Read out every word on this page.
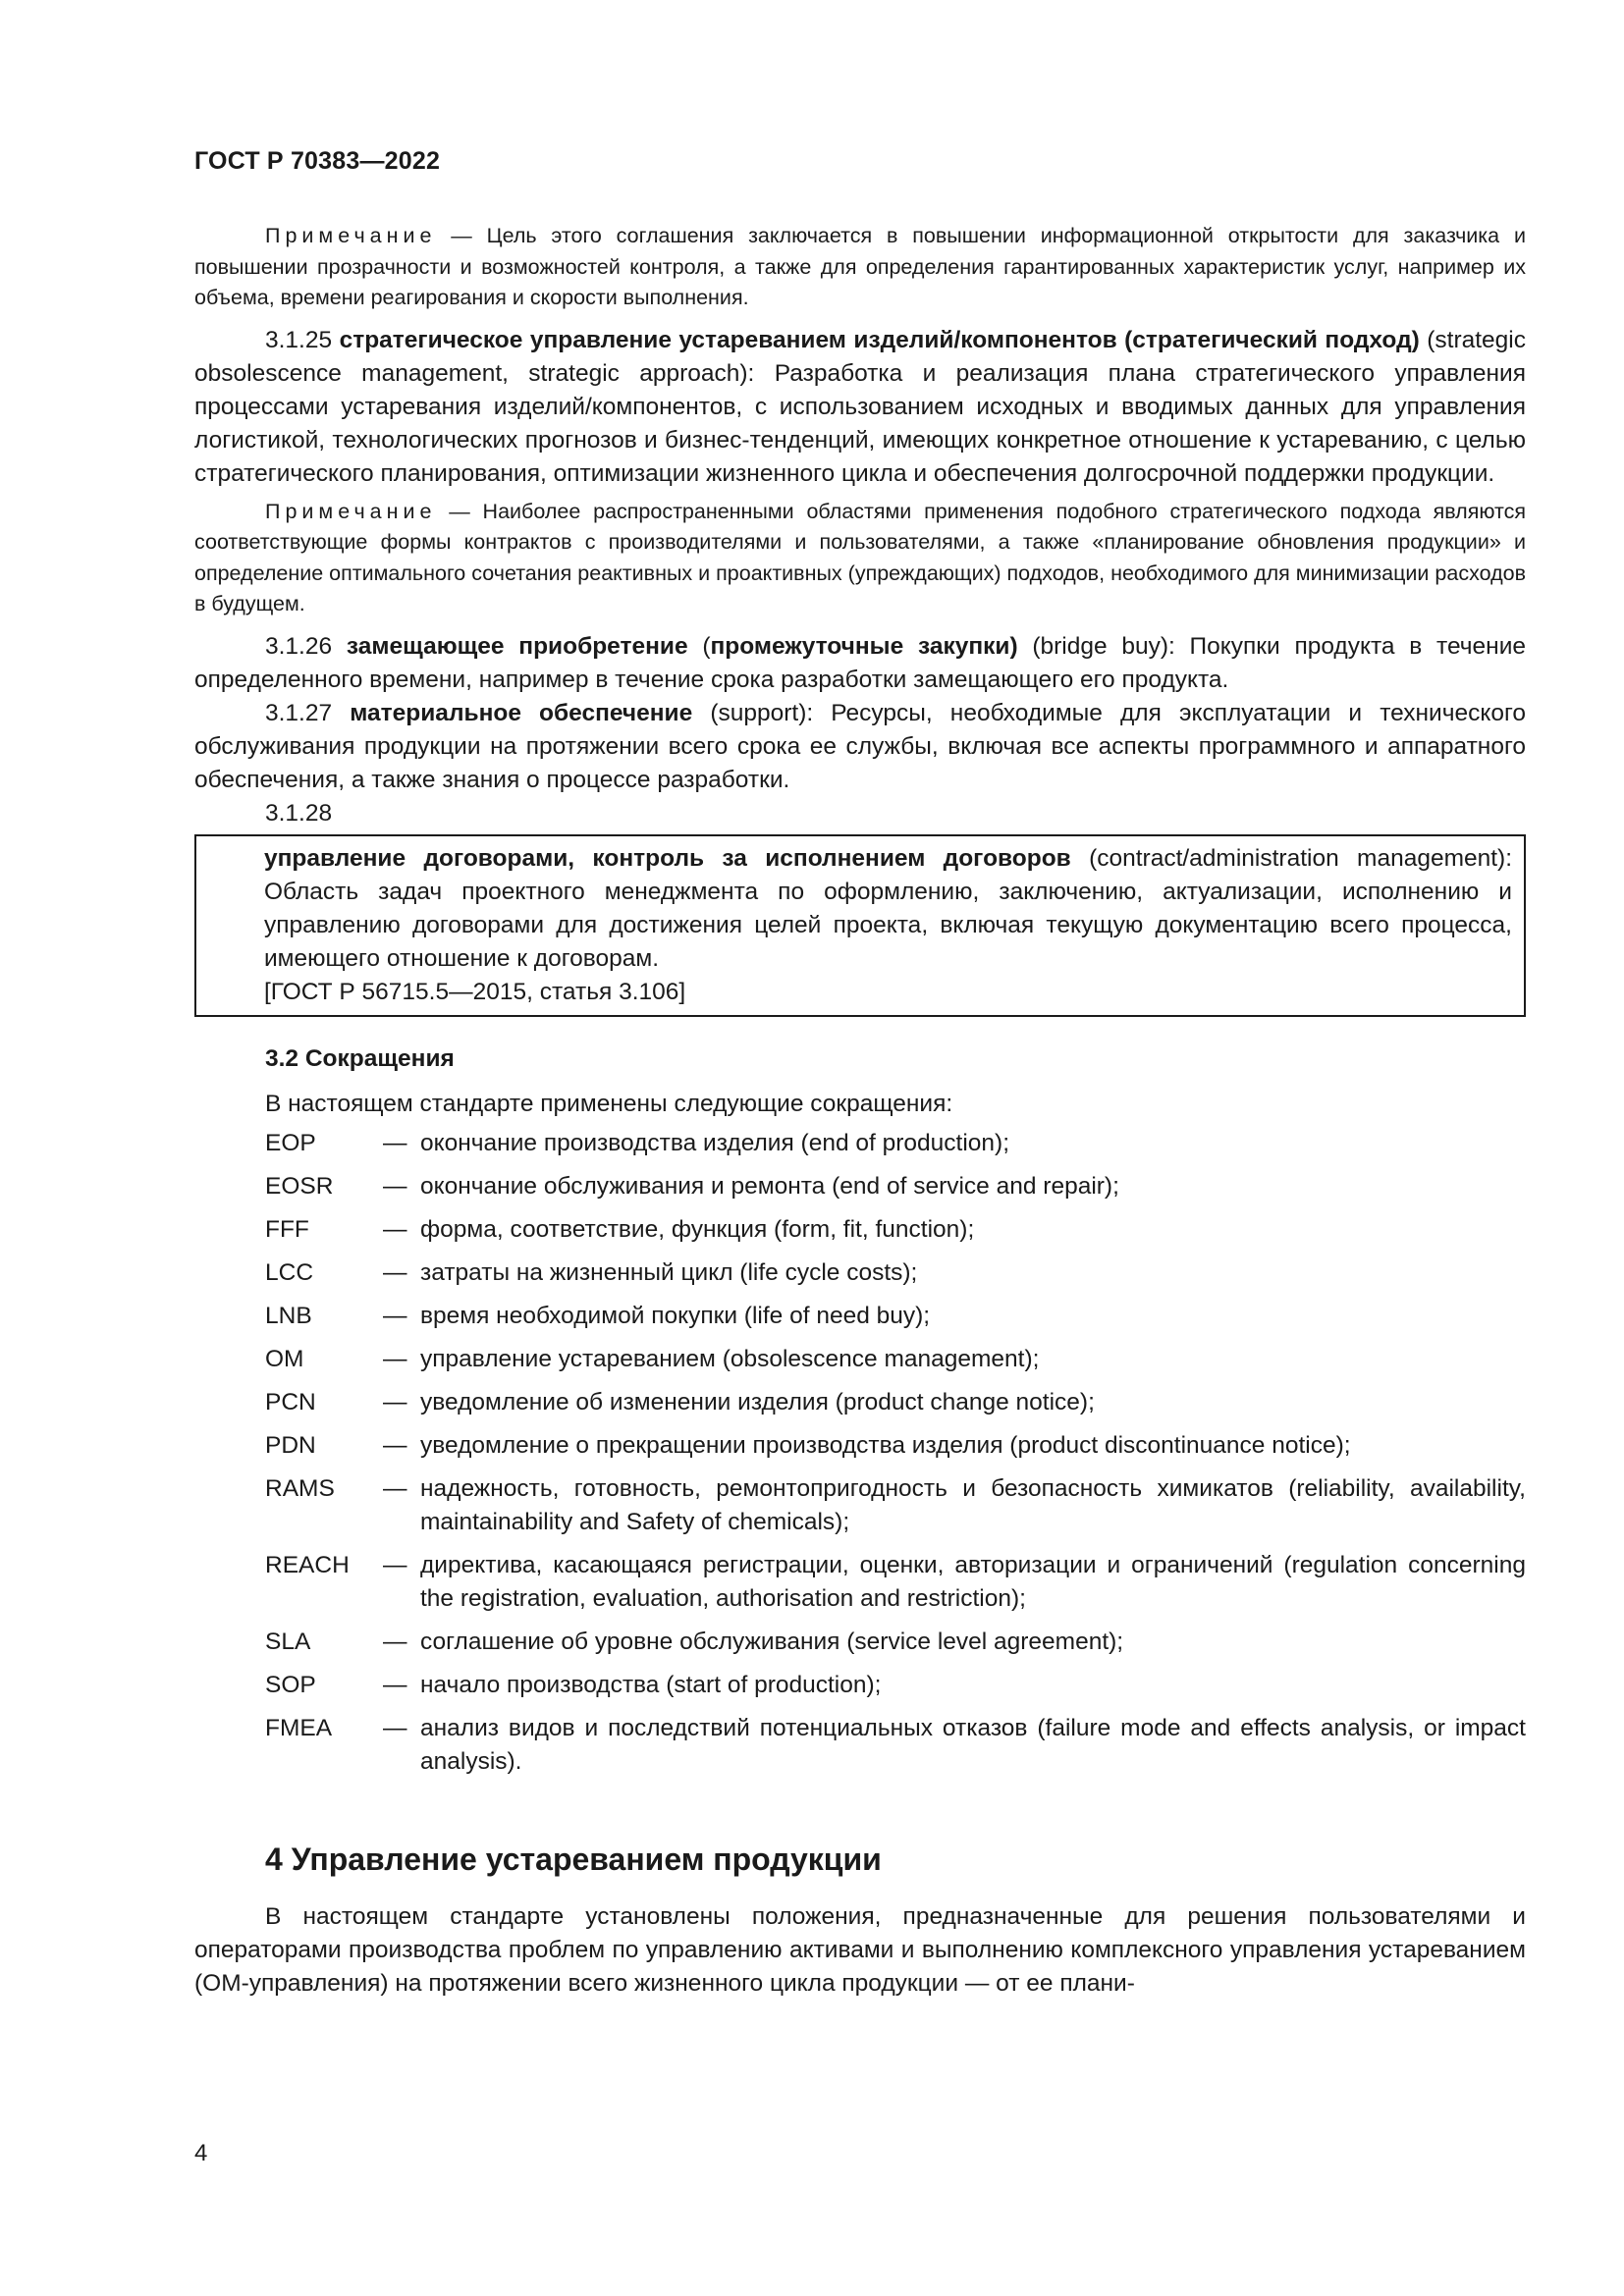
ГОСТ Р 70383—2022

Примечание — Цель этого соглашения заключается в повышении информационной открытости для заказчика и повышении прозрачности и возможностей контроля, а также для определения гарантированных характеристик услуг, например их объема, времени реагирования и скорости выполнения.

3.1.25 стратегическое управление устареванием изделий/компонентов (стратегический подход) (strategic obsolescence management, strategic approach): Разработка и реализация плана стратегического управления процессами устаревания изделий/компонентов, с использованием исходных и вводимых данных для управления логистикой, технологических прогнозов и бизнес-тенденций, имеющих конкретное отношение к устареванию, с целью стратегического планирования, оптимизации жизненного цикла и обеспечения долгосрочной поддержки продукции.

Примечание — Наиболее распространенными областями применения подобного стратегического подхода являются соответствующие формы контрактов с производителями и пользователями, а также «планирование обновления продукции» и определение оптимального сочетания реактивных и проактивных (упреждающих) подходов, необходимого для минимизации расходов в будущем.

3.1.26 замещающее приобретение (промежуточные закупки) (bridge buy): Покупки продукта в течение определенного времени, например в течение срока разработки замещающего его продукта.

3.1.27 материальное обеспечение (support): Ресурсы, необходимые для эксплуатации и технического обслуживания продукции на протяжении всего срока ее службы, включая все аспекты программного и аппаратного обеспечения, а также знания о процессе разработки.

3.1.28

управление договорами, контроль за исполнением договоров (contract/administration management): Область задач проектного менеджмента по оформлению, заключению, актуализации, исполнению и управлению договорами для достижения целей проекта, включая текущую документацию всего процесса, имеющего отношение к договорам.

[ГОСТ Р 56715.5—2015, статья 3.106]

3.2 Сокращения
В настоящем стандарте применены следующие сокращения:
EOP	— окончание производства изделия (end of production);
EOSR	— окончание обслуживания и ремонта (end of service and repair);
FFF	— форма, соответствие, функция (form, fit, function);
LCC	— затраты на жизненный цикл (life cycle costs);
LNB	— время необходимой покупки (life of need buy);
OM	— управление устареванием (obsolescence management);
PCN	— уведомление об изменении изделия (product change notice);
PDN	— уведомление о прекращении производства изделия (product discontinuance notice);
RAMS	— надежность, готовность, ремонтопригодность и безопасность химикатов (reliability, availability, maintainability and Safety of chemicals);
REACH	— директива, касающаяся регистрации, оценки, авторизации и ограничений (regulation concerning the registration, evaluation, authorisation and restriction);
SLA	— соглашение об уровне обслуживания (service level agreement);
SOP	— начало производства (start of production);
FMEA	— анализ видов и последствий потенциальных отказов (failure mode and effects analysis, or impact analysis).
4 Управление устареванием продукции

В настоящем стандарте установлены положения, предназначенные для решения пользователями и операторами производства проблем по управлению активами и выполнению комплексного управления устареванием (ОМ-управления) на протяжении всего жизненного цикла продукции — от ее плани-

4
